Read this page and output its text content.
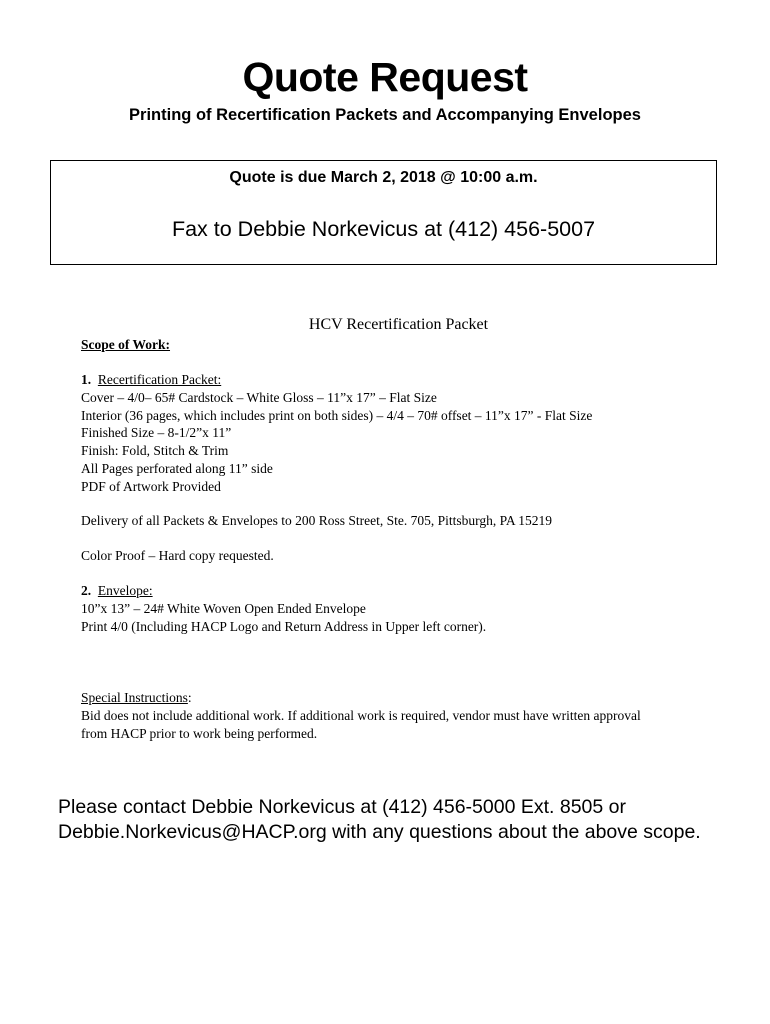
Quote Request
Printing of Recertification Packets and Accompanying Envelopes
Quote is due March 2, 2018 @ 10:00 a.m.
Fax to Debbie Norkevicus at (412) 456-5007
HCV Recertification Packet
Scope of Work:
1. Recertification Packet:
Cover – 4/0– 65# Cardstock – White Gloss – 11”x 17” – Flat Size
Interior (36 pages, which includes print on both sides) – 4/4 – 70# offset – 11”x 17” - Flat Size
Finished Size – 8-1/2”x 11”
Finish: Fold, Stitch & Trim
All Pages perforated along 11” side
PDF of Artwork Provided
Delivery of all Packets & Envelopes to 200 Ross Street, Ste. 705, Pittsburgh, PA 15219
Color Proof – Hard copy requested.
2. Envelope:
10”x 13” – 24# White Woven Open Ended Envelope
Print 4/0 (Including HACP Logo and Return Address in Upper left corner).
Special Instructions:
Bid does not include additional work. If additional work is required, vendor must have written approval
from HACP prior to work being performed.
Please contact Debbie Norkevicus at (412) 456-5000 Ext. 8505 or
Debbie.Norkevicus@HACP.org with any questions about the above scope.
